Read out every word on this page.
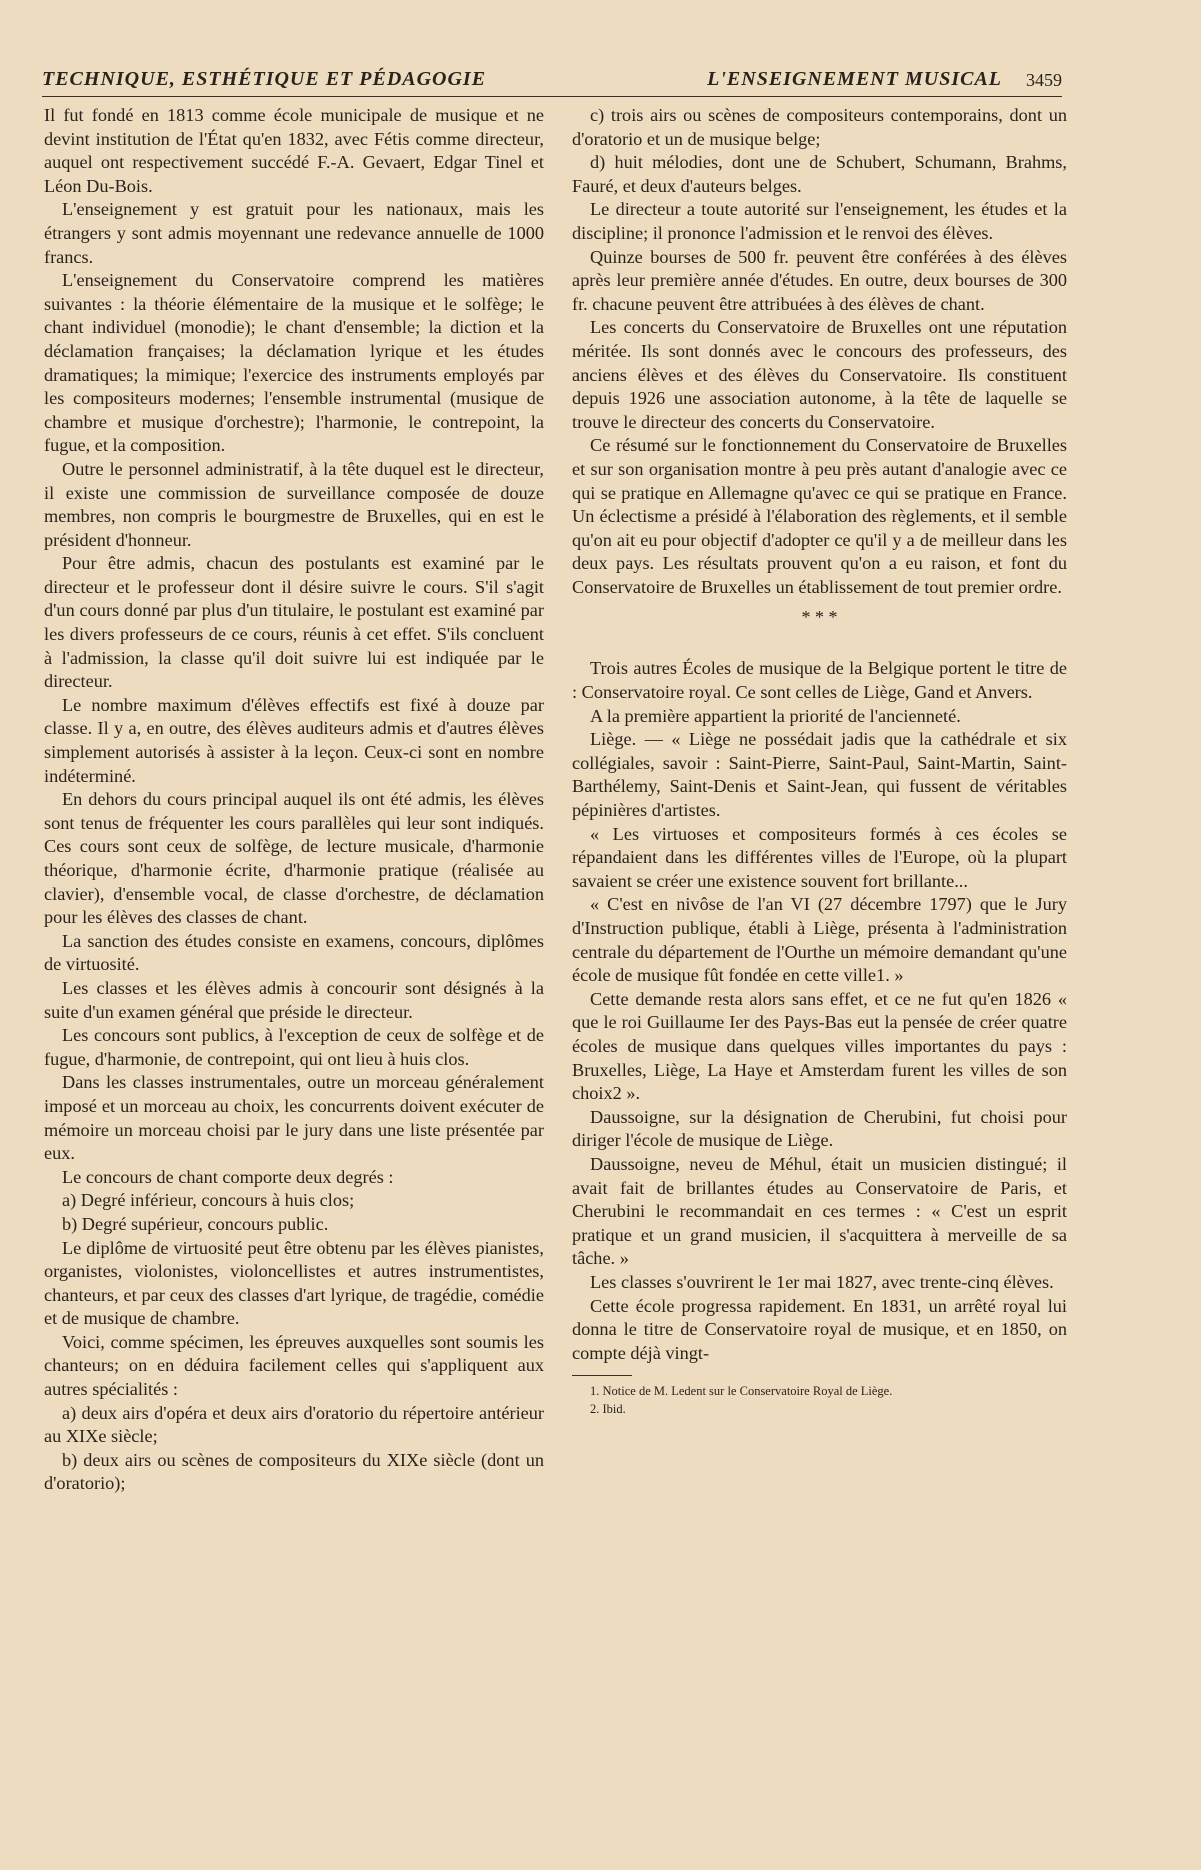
TECHNIQUE, ESTHÉTIQUE ET PÉDAGOGIE	L'ENSEIGNEMENT MUSICAL 3459

Il fut fondé en 1813 comme école municipale de musique et ne devint institution de l'État qu'en 1832, avec Fétis comme directeur, auquel ont respectivement succédé F.-A. Gevaert, Edgar Tinel et Léon Du-Bois.

L'enseignement y est gratuit pour les nationaux, mais les étrangers y sont admis moyennant une redevance annuelle de 1000 francs.

L'enseignement du Conservatoire comprend les matières suivantes : la théorie élémentaire de la musique et le solfège; le chant individuel (monodie); le chant d'ensemble; la diction et la déclamation françaises; la déclamation lyrique et les études dramatiques; la mimique; l'exercice des instruments employés par les compositeurs modernes; l'ensemble instrumental (musique de chambre et musique d'orchestre); l'harmonie, le contrepoint, la fugue, et la composition.

Outre le personnel administratif, à la tête duquel est le directeur, il existe une commission de surveillance composée de douze membres, non compris le bourgmestre de Bruxelles, qui en est le président d'honneur.

Pour être admis, chacun des postulants est examiné par le directeur et le professeur dont il désire suivre le cours. S'il s'agit d'un cours donné par plus d'un titulaire, le postulant est examiné par les divers professeurs de ce cours, réunis à cet effet. S'ils concluent à l'admission, la classe qu'il doit suivre lui est indiquée par le directeur.

Le nombre maximum d'élèves effectifs est fixé à douze par classe. Il y a, en outre, des élèves auditeurs admis et d'autres élèves simplement autorisés à assister à la leçon. Ceux-ci sont en nombre indéterminé.

En dehors du cours principal auquel ils ont été admis, les élèves sont tenus de fréquenter les cours parallèles qui leur sont indiqués. Ces cours sont ceux de solfège, de lecture musicale, d'harmonie théorique, d'harmonie écrite, d'harmonie pratique (réalisée au clavier), d'ensemble vocal, de classe d'orchestre, de déclamation pour les élèves des classes de chant.

La sanction des études consiste en examens, concours, diplômes de virtuosité.

Les classes et les élèves admis à concourir sont désignés à la suite d'un examen général que préside le directeur.

Les concours sont publics, à l'exception de ceux de solfège et de fugue, d'harmonie, de contrepoint, qui ont lieu à huis clos.

Dans les classes instrumentales, outre un morceau généralement imposé et un morceau au choix, les concurrents doivent exécuter de mémoire un morceau choisi par le jury dans une liste présentée par eux.

Le concours de chant comporte deux degrés :

a) Degré inférieur, concours à huis clos;

b) Degré supérieur, concours public.

Le diplôme de virtuosité peut être obtenu par les élèves pianistes, organistes, violonistes, violoncellistes et autres instrumentistes, chanteurs, et par ceux des classes d'art lyrique, de tragédie, comédie et de musique de chambre.

Voici, comme spécimen, les épreuves auxquelles sont soumis les chanteurs; on en déduira facilement celles qui s'appliquent aux autres spécialités :

a) deux airs d'opéra et deux airs d'oratorio du répertoire antérieur au XIXe siècle;

b) deux airs ou scènes de compositeurs du XIXe siècle (dont un d'oratorio);

c) trois airs ou scènes de compositeurs contemporains, dont un d'oratorio et un de musique belge;

d) huit mélodies, dont une de Schubert, Schumann, Brahms, Fauré, et deux d'auteurs belges.

Le directeur a toute autorité sur l'enseignement, les études et la discipline; il prononce l'admission et le renvoi des élèves.

Quinze bourses de 500 fr. peuvent être conférées à des élèves après leur première année d'études. En outre, deux bourses de 300 fr. chacune peuvent être attribuées à des élèves de chant.

Les concerts du Conservatoire de Bruxelles ont une réputation méritée. Ils sont donnés avec le concours des professeurs, des anciens élèves et des élèves du Conservatoire. Ils constituent depuis 1926 une association autonome, à la tête de laquelle se trouve le directeur des concerts du Conservatoire.

Ce résumé sur le fonctionnement du Conservatoire de Bruxelles et sur son organisation montre à peu près autant d'analogie avec ce qui se pratique en Allemagne qu'avec ce qui se pratique en France. Un éclectisme a présidé à l'élaboration des règlements, et il semble qu'on ait eu pour objectif d'adopter ce qu'il y a de meilleur dans les deux pays. Les résultats prouvent qu'on a eu raison, et font du Conservatoire de Bruxelles un établissement de tout premier ordre.

* * *

Trois autres Écoles de musique de la Belgique portent le titre de : Conservatoire royal. Ce sont celles de Liège, Gand et Anvers.

A la première appartient la priorité de l'ancienneté.

Liège. — « Liège ne possédait jadis que la cathédrale et six collégiales, savoir : Saint-Pierre, Saint-Paul, Saint-Martin, Saint-Barthélemy, Saint-Denis et Saint-Jean, qui fussent de véritables pépinières d'artistes.

« Les virtuoses et compositeurs formés à ces écoles se répandaient dans les différentes villes de l'Europe, où la plupart savaient se créer une existence souvent fort brillante...

« C'est en nivôse de l'an VI (27 décembre 1797) que le Jury d'Instruction publique, établi à Liège, présenta à l'administration centrale du département de l'Ourthe un mémoire demandant qu'une école de musique fût fondée en cette ville1. »

Cette demande resta alors sans effet, et ce ne fut qu'en 1826 « que le roi Guillaume Ier des Pays-Bas eut la pensée de créer quatre écoles de musique dans quelques villes importantes du pays : Bruxelles, Liège, La Haye et Amsterdam furent les villes de son choix2 ».

Daussoigne, sur la désignation de Cherubini, fut choisi pour diriger l'école de musique de Liège.

Daussoigne, neveu de Méhul, était un musicien distingué; il avait fait de brillantes études au Conservatoire de Paris, et Cherubini le recommandait en ces termes : « C'est un esprit pratique et un grand musicien, il s'acquittera à merveille de sa tâche. »

Les classes s'ouvrirent le 1er mai 1827, avec trente-cinq élèves.

Cette école progressa rapidement. En 1831, un arrêté royal lui donna le titre de Conservatoire royal de musique, et en 1850, on compte déjà vingt-

1. Notice de M. Ledent sur le Conservatoire Royal de Liège.

2. Ibid.
